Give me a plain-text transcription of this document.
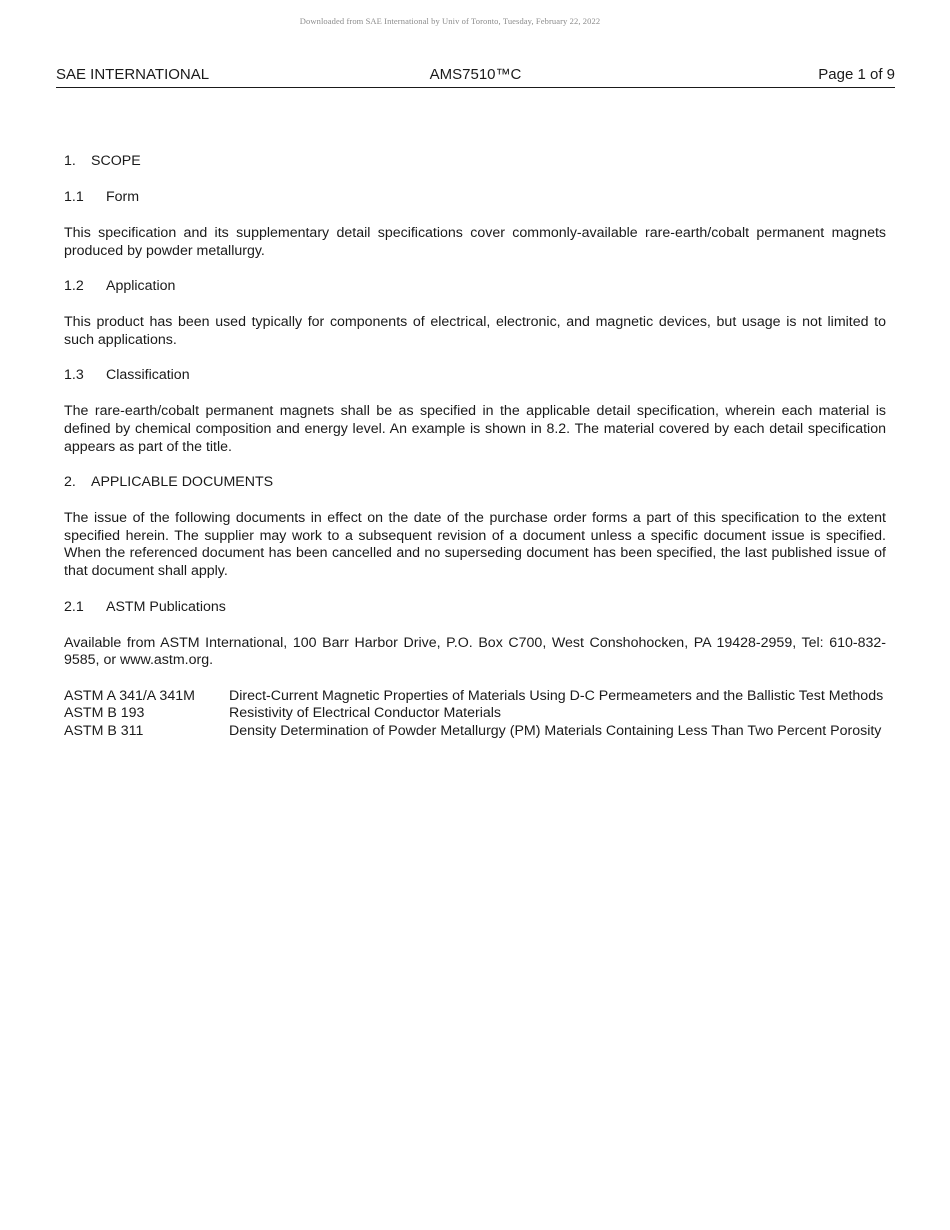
Downloaded from SAE International by Univ of Toronto, Tuesday, February 22, 2022
SAE INTERNATIONAL	AMS7510™C	Page 1 of 9

1. SCOPE

1.1 Form

This specification and its supplementary detail specifications cover commonly-available rare-earth/cobalt permanent magnets produced by powder metallurgy.

1.2 Application

This product has been used typically for components of electrical, electronic, and magnetic devices, but usage is not limited to such applications.

1.3 Classification

The rare-earth/cobalt permanent magnets shall be as specified in the applicable detail specification, wherein each material is defined by chemical composition and energy level. An example is shown in 8.2. The material covered by each detail specification appears as part of the title.

2. APPLICABLE DOCUMENTS

The issue of the following documents in effect on the date of the purchase order forms a part of this specification to the extent specified herein. The supplier may work to a subsequent revision of a document unless a specific document issue is specified. When the referenced document has been cancelled and no superseding document has been specified, the last published issue of that document shall apply.

2.1 ASTM Publications

Available from ASTM International, 100 Barr Harbor Drive, P.O. Box C700, West Conshohocken, PA 19428-2959, Tel: 610-832-9585, or www.astm.org.

ASTM A 341/A 341M	Direct-Current Magnetic Properties of Materials Using D-C Permeameters and the Ballistic Test Methods
ASTM B 193	Resistivity of Electrical Conductor Materials
ASTM B 311	Density Determination of Powder Metallurgy (PM) Materials Containing Less Than Two Percent Porosity
